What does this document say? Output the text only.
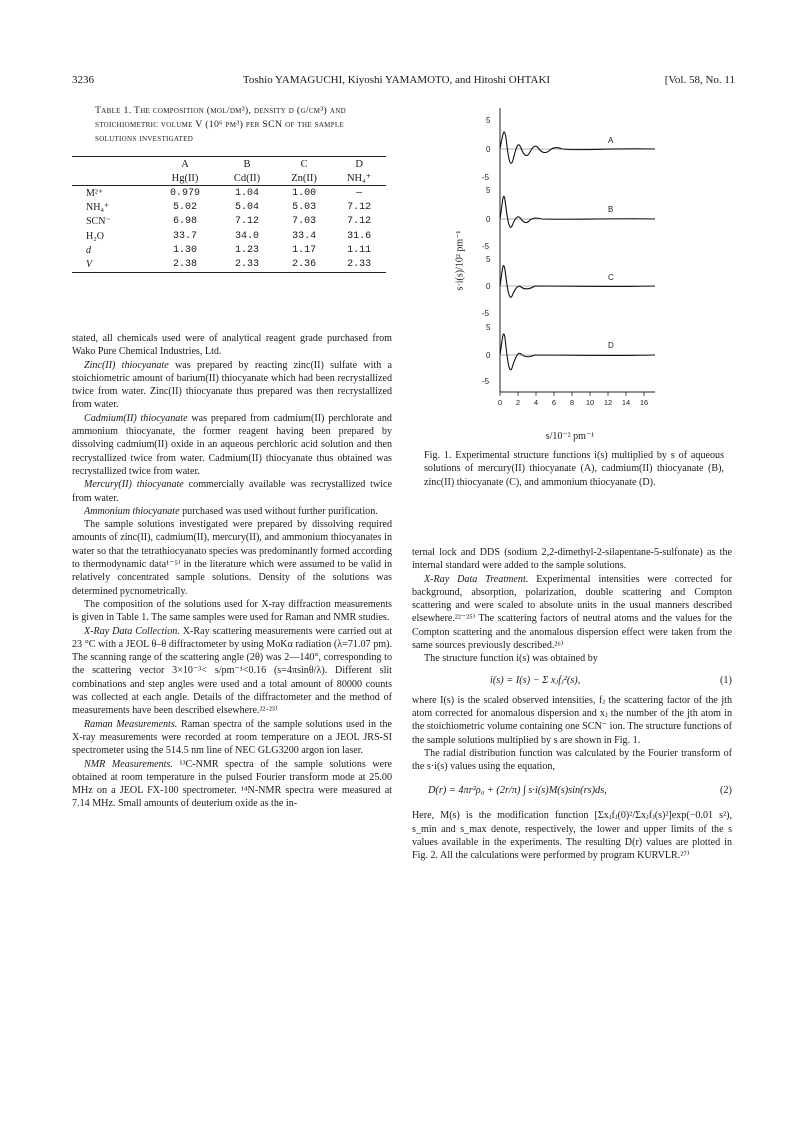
3236	Toshio YAMAGUCHI, Kiyoshi YAMAMOTO, and Hitoshi OHTAKI	[Vol. 58, No. 11
Table 1. The composition (mol/dm³), density d (g/cm³) and stoichiometric volume V (10⁶ pm³) per SCN of the sample solutions investigated
	A	B	C	D
	Hg(II)	Cd(II)	Zn(II)	NH₄⁺
M²⁺	0.979	1.04	1.00	—
NH₄⁺	5.02	5.04	5.03	7.12
SCN⁻	6.98	7.12	7.03	7.12
H₂O	33.7	34.0	33.4	31.6
d	1.30	1.23	1.17	1.11
V	2.38	2.33	2.36	2.33
5
0
-5
5
0
-5
5
0
-5
5
0
-5
A
B
C
D
0 2 4 6 8 10 12 14 16
s·i(s)/10² pm⁻¹
s/10⁻² pm⁻¹
Fig. 1. Experimental structure functions i(s) multiplied by s of aqueous solutions of mercury(II) thiocyanate (A), cadmium(II) thiocyanate (B), zinc(II) thiocyanate (C), and ammonium thiocyanate (D).

stated, all chemicals used were of analytical reagent grade purchased from Wako Pure Chemical Industries, Ltd.

Zinc(II) thiocyanate was prepared by reacting zinc(II) sulfate with a stoichiometric amount of barium(II) thiocyanate which had been recrystallized twice from water. Zinc(II) thiocyanate thus prepared was then recrystallized from water.

Cadmium(II) thiocyanate was prepared from cadmium(II) perchlorate and ammonium thiocyanate, the former reagent having been prepared by dissolving cadmium(II) oxide in an aqueous perchloric acid solution and then recrystallized twice from water. Cadmium(II) thiocyanate thus obtained was recrystallized twice from water.

Mercury(II) thiocyanate commercially available was recrystallized twice from water.

Ammonium thiocyanate purchased was used without further purification.

The sample solutions investigated were prepared by dissolving required amounts of zinc(II), cadmium(II), mercury(II), and ammonium thiocyanates in water so that the tetrathiocyanato species was predominantly formed according to thermodynamic data¹⁻⁵⁾ in the literature which were assumed to be valid in relatively concentrated sample solutions. Density of the solutions was determined pycnometrically.

The composition of the solutions used for X-ray diffraction measurements is given in Table 1. The same samples were used for Raman and NMR studies.

X-Ray Data Collection. X-Ray scattering measurements were carried out at 23 °C with a JEOL θ–θ diffractometer by using MoKα radiation (λ=71.07 pm). The scanning range of the scattering angle (2θ) was 2—140°, corresponding to the scattering vector 3×10⁻³< s/pm⁻¹<0.16 (s=4πsinθ/λ). Different slit combinations and step angles were used and a total amount of 80000 counts was collected at each angle. Details of the diffractometer and the method of measurements have been described elsewhere.²²·²³⁾

Raman Measurements. Raman spectra of the sample solutions used in the X-ray measurements were recorded at room temperature on a JEOL JRS-SI spectrometer using the 514.5 nm line of NEC GLG3200 argon ion laser.

NMR Measurements. ¹³C-NMR spectra of the sample solutions were obtained at room temperature in the pulsed Fourier transform mode at 25.00 MHz on a JEOL FX-100 spectrometer. ¹⁴N-NMR spectra were measured at 7.14 MHz. Small amounts of deuterium oxide as the in-

ternal lock and DDS (sodium 2,2-dimethyl-2-silapentane-5-sulfonate) as the internal standard were added to the sample solutions.

X-Ray Data Treatment. Experimental intensities were corrected for background, absorption, polarization, double scattering and Compton scattering and were scaled to absolute units in the usual manners described elsewhere.²²⁻²⁵⁾ The scattering factors of neutral atoms and the values for the Compton scattering and the anomalous dispersion effect were taken from the same sources previously described.²⁶⁾

The structure function i(s) was obtained by

i(s) = I(s) − Σ xⱼfⱼ²(s),	(1)

where I(s) is the scaled observed intensities, fⱼ the scattering factor of the jth atom corrected for anomalous dispersion and xⱼ the number of the jth atom in the stoichiometric volume containing one SCN⁻ ion. The structure functions of the sample solutions multiplied by s are shown in Fig. 1.

The radial distribution function was calculated by the Fourier transform of the s·i(s) values using the equation,

D(r) = 4πr²ρ₀ + (2r/π) ∫ s·i(s)M(s)sin(rs)ds,	(2)

Here, M(s) is the modification function [Σxⱼfⱼ(0)²/Σxⱼfⱼ(s)²]exp(−0.01 s²), s_min and s_max denote, respectively, the lower and upper limits of the s values available in the experiments. The resulting D(r) values are plotted in Fig. 2. All the calculations were performed by program KURVLR.²⁷⁾
